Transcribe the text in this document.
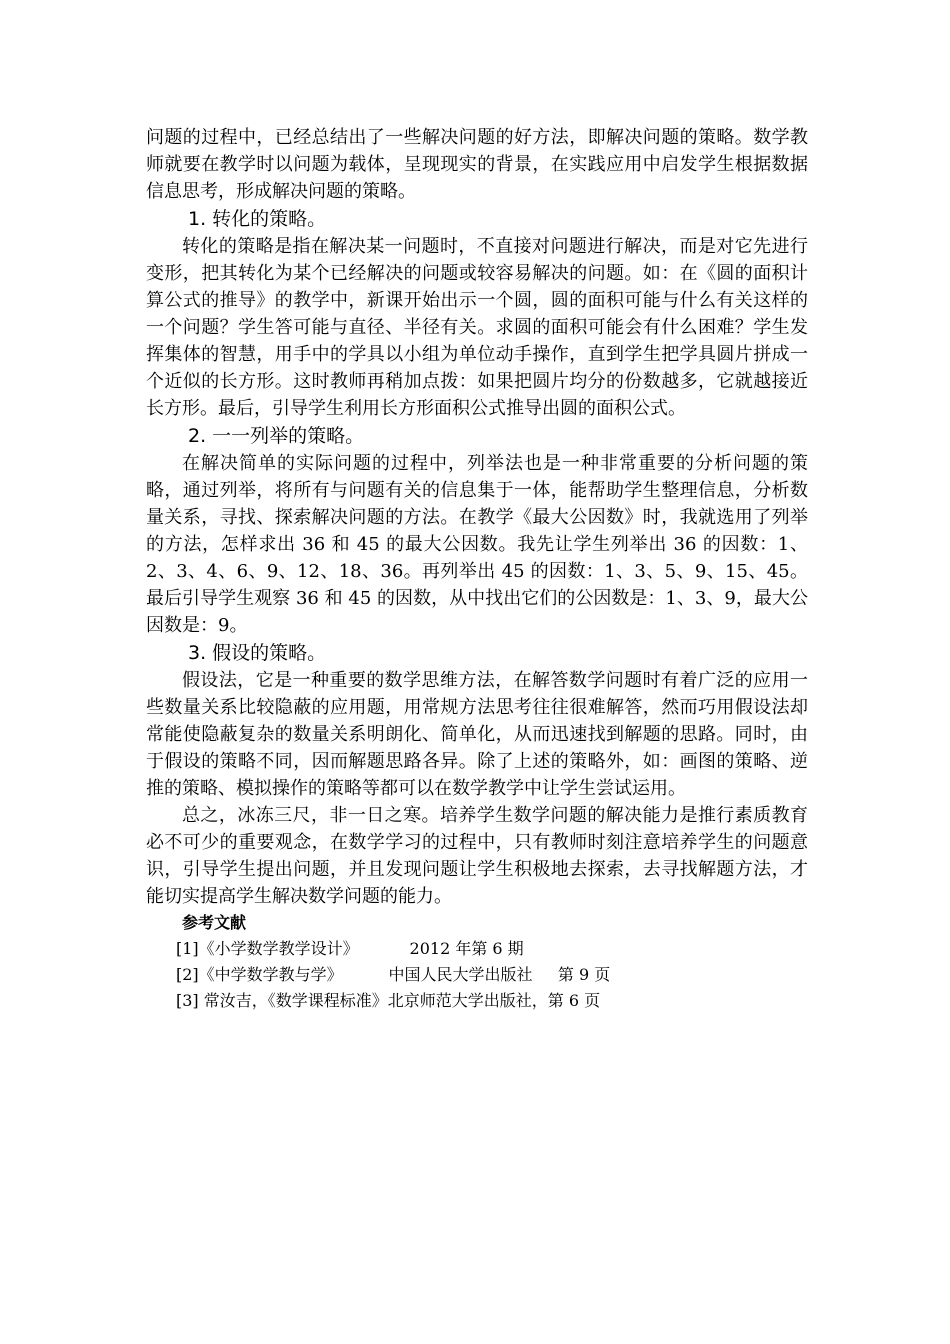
问题的过程中，已经总结出了一些解决问题的好方法，即解决问题的策略。数学教师就要在教学时以问题为载体，呈现现实的背景，在实践应用中启发学生根据数据信息思考，形成解决问题的策略。

1. 转化的策略。

转化的策略是指在解决某一问题时，不直接对问题进行解决，而是对它先进行变形，把其转化为某个已经解决的问题或较容易解决的问题。如：在《圆的面积计算公式的推导》的教学中，新课开始出示一个圆，圆的面积可能与什么有关这样的一个问题？学生答可能与直径、半径有关。求圆的面积可能会有什么困难？学生发挥集体的智慧，用手中的学具以小组为单位动手操作，直到学生把学具圆片拼成一个近似的长方形。这时教师再稍加点拨：如果把圆片均分的份数越多，它就越接近长方形。最后，引导学生利用长方形面积公式推导出圆的面积公式。

2. 一一列举的策略。

在解决简单的实际问题的过程中，列举法也是一种非常重要的分析问题的策略，通过列举，将所有与问题有关的信息集于一体，能帮助学生整理信息，分析数量关系，寻找、探索解决问题的方法。在教学《最大公因数》时，我就选用了列举的方法，怎样求出 36 和 45 的最大公因数。我先让学生列举出 36 的因数：1、2、3、4、6、9、12、18、36。再列举出 45 的因数：1、3、5、9、15、45。最后引导学生观察 36 和 45 的因数，从中找出它们的公因数是：1、3、9，最大公因数是：9。

3. 假设的策略。

假设法，它是一种重要的数学思维方法，在解答数学问题时有着广泛的应用一些数量关系比较隐蔽的应用题，用常规方法思考往往很难解答，然而巧用假设法却常能使隐蔽复杂的数量关系明朗化、简单化，从而迅速找到解题的思路。同时，由于假设的策略不同，因而解题思路各异。除了上述的策略外，如：画图的策略、逆推的策略、模拟操作的策略等都可以在数学教学中让学生尝试运用。

总之，冰冻三尺，非一日之寒。培养学生数学问题的解决能力是推行素质教育必不可少的重要观念，在数学学习的过程中，只有教师时刻注意培养学生的问题意识，引导学生提出问题，并且发现问题让学生积极地去探索，去寻找解题方法，才能切实提高学生解决数学问题的能力。

参考文献

[1]《小学数学教学设计》          2012 年第 6 期

[2]《中学数学教与学》         中国人民大学出版社     第 9 页

[3] 常汝吉，《数学课程标准》北京师范大学出版社，第 6 页
